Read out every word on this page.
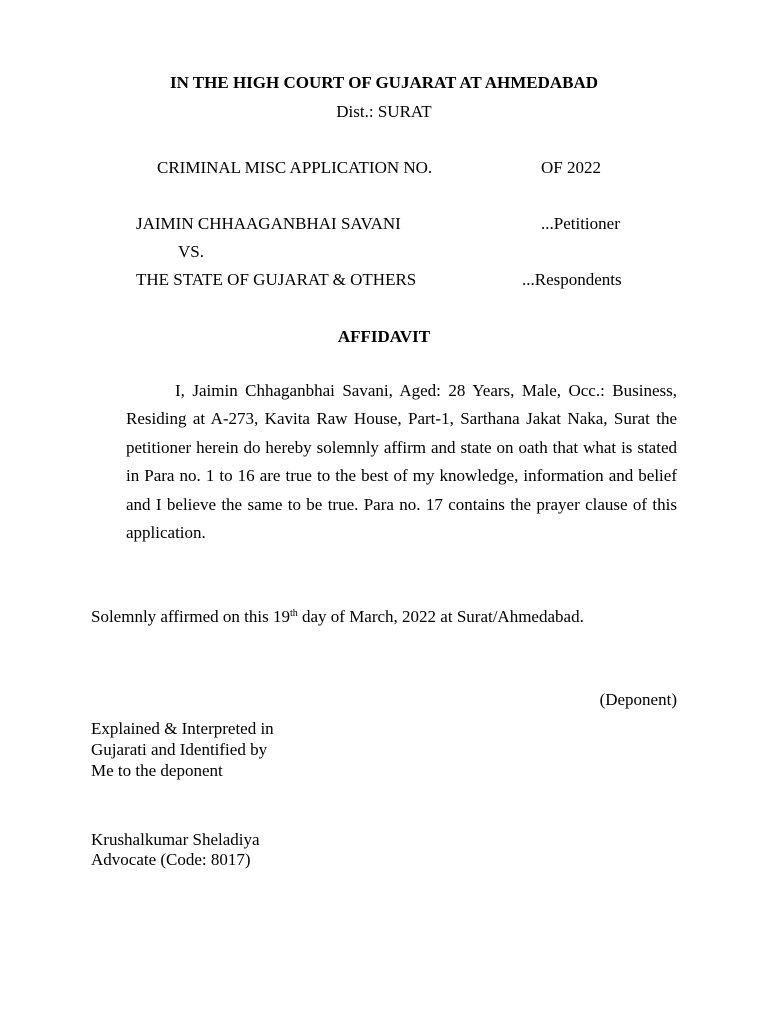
IN THE HIGH COURT OF GUJARAT AT AHMEDABAD
Dist.: SURAT
CRIMINAL MISC APPLICATION NO.	OF 2022
JAIMIN CHHAAGANBHAI SAVANI	...Petitioner
VS.
THE STATE OF GUJARAT & OTHERS	...Respondents
AFFIDAVIT

I, Jaimin Chhaganbhai Savani, Aged: 28 Years, Male, Occ.: Business, Residing at A-273, Kavita Raw House, Part-1, Sarthana Jakat Naka, Surat the petitioner herein do hereby solemnly affirm and state on oath that what is stated in Para no. 1 to 16 are true to the best of my knowledge, information and belief and I believe the same to be true. Para no. 17 contains the prayer clause of this application.

Solemnly affirmed on this 19th day of March, 2022 at Surat/Ahmedabad.
(Deponent)
Explained & Interpreted in
Gujarati and Identified by
Me to the deponent
Krushalkumar Sheladiya
Advocate (Code: 8017)
